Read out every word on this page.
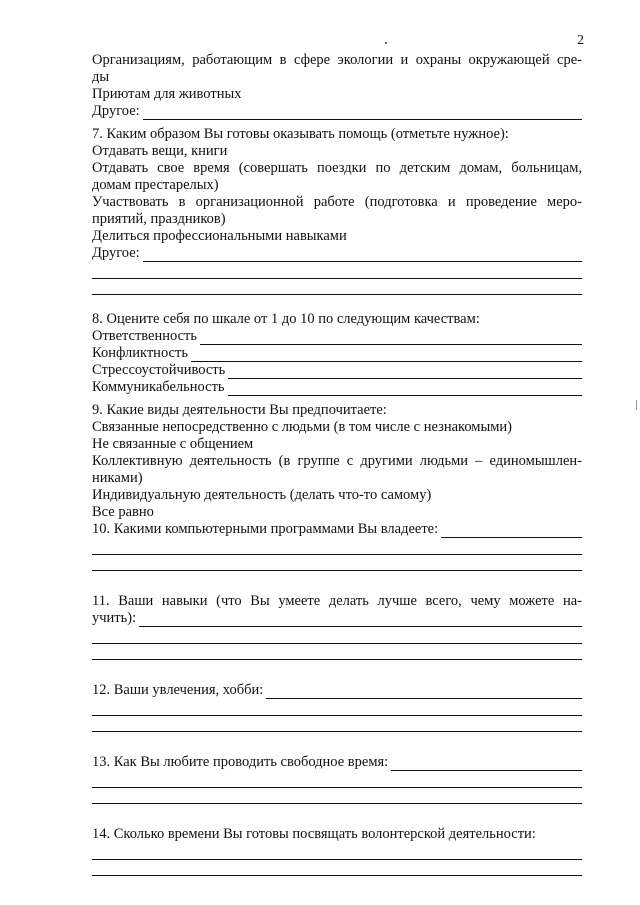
2
Организациям, работающим в сфере экологии и охраны окружающей сре-
ды
Приютам для животных
Другое:
7. Каким образом Вы готовы оказывать помощь (отметьте нужное):
Отдавать вещи, книги
Отдавать свое время (совершать поездки по детским домам, больницам,
домам престарелых)
Участвовать в организационной работе (подготовка и проведение меро-
приятий, праздников)
Делиться профессиональными навыками
Другое:
8. Оцените себя по шкале от 1 до 10 по следующим качествам:
Ответственность
Конфликтность
Стрессоустойчивость
Коммуникабельность
9. Какие виды деятельности Вы предпочитаете:
Связанные непосредственно с людьми (в том числе с незнакомыми)
Не связанные с общением
Коллективную деятельность (в группе с другими людьми – единомышлен-
никами)
Индивидуальную деятельность (делать что-то самому)
Все равно
10. Какими компьютерными программами Вы владеете:
11. Ваши навыки (что Вы умеете делать лучше всего, чему можете на-
учить):
12. Ваши увлечения, хобби:
13. Как Вы любите проводить свободное время:
14. Сколько времени Вы готовы посвящать волонтерской деятельности:
